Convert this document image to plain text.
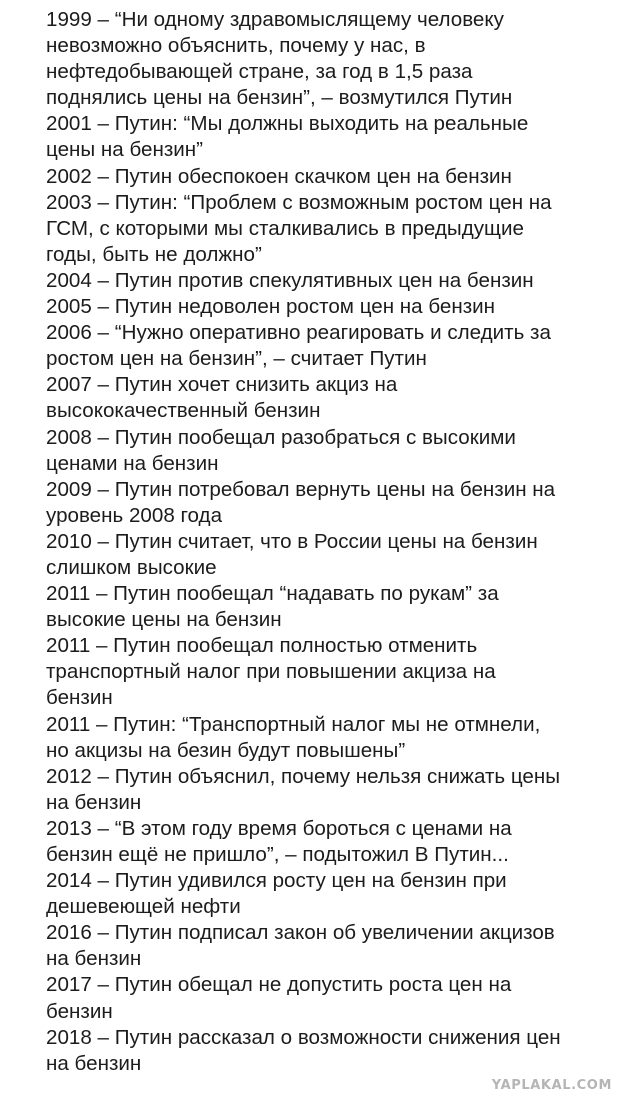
1999 – “Ни одному здравомыслящему человеку
невозможно объяснить, почему у нас, в
нефтедобывающей стране, за год в 1,5 раза
поднялись цены на бензин”, – возмутился Путин
2001 – Путин: “Мы должны выходить на реальные
цены на бензин”
2002 – Путин обеспокоен скачком цен на бензин
2003 – Путин: “Проблем с возможным ростом цен на
ГСМ, с которыми мы сталкивались в предыдущие
годы, быть не должно”
2004 – Путин против спекулятивных цен на бензин
2005 – Путин недоволен ростом цен на бензин
2006 – “Нужно оперативно реагировать и следить за
ростом цен на бензин”, – считает Путин
2007 – Путин хочет снизить акциз на
высококачественный бензин
2008 – Путин пообещал разобраться с высокими
ценами на бензин
2009 – Путин потребовал вернуть цены на бензин на
уровень 2008 года
2010 – Путин считает, что в России цены на бензин
слишком высокие
2011 – Путин пообещал “надавать по рукам” за
высокие цены на бензин
2011 – Путин пообещал полностью отменить
транспортный налог при повышении акциза на
бензин
2011 – Путин: “Транспортный налог мы не отмнели,
но акцизы на безин будут повышены”
2012 – Путин объяснил, почему нельзя снижать цены
на бензин
2013 – “В этом году время бороться с ценами на
бензин ещё не пришло”, – подытожил В Путин...
2014 – Путин удивился росту цен на бензин при
дешевеющей нефти
2016 – Путин подписал закон об увеличении акцизов
на бензин
2017 – Путин обещал не допустить роста цен на
бензин
2018 – Путин рассказал о возможности снижения цен
на бензин
YAPLAKAL.COM
